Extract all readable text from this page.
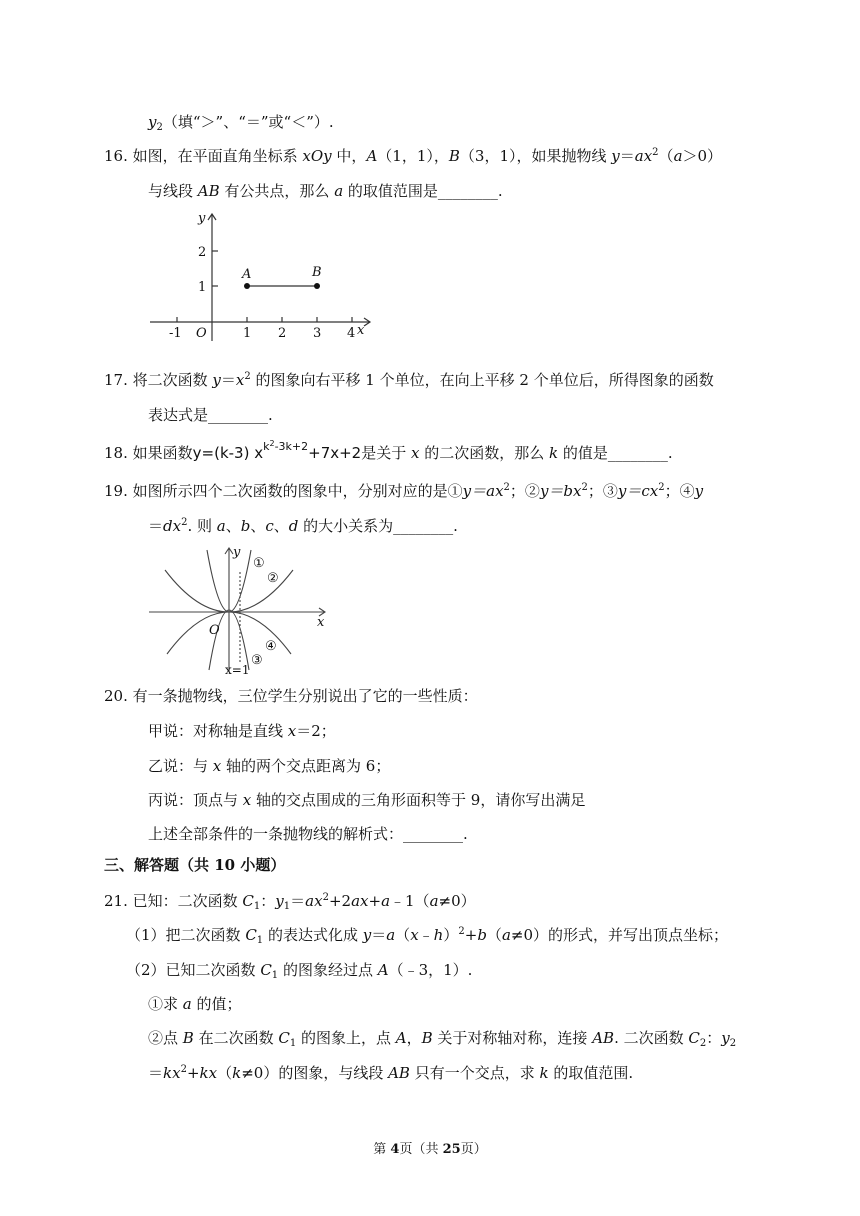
$y_2$（填“＞”、“＝”或“＜”）.
16. 如图，在平面直角坐标系 xOy 中，A（1，1），B（3，1），如果抛物线 $y=ax^2(a>0)$
与线段 AB 有公共点，那么 a 的取值范围是________.
y
x
O
A	B
2
1
-1	1 2 3 4
17. 将二次函数 $y=x^2$ 的图象向右平移 1 个单位，在向上平移 2 个单位后，所得图象的函数
表达式是________.
18. 如果函数y=(k-3) $x^{k^2-3k+2}+7x+2$是关于 x 的二次函数，那么 k 的值是________.
19. 如图所示四个二次函数的图象中，分别对应的是$①y=ax^2$；$②y=bx^2$；$③y=cx^2$；④y
$=dx^2$. 则 a、b、c、d 的大小关系为________.
y
x
O
①
②
③
④
x=1
20. 有一条抛物线，三位学生分别说出了它的一些性质：
甲说：对称轴是直线 x＝2；
乙说：与 x 轴的两个交点距离为 6；
丙说：顶点与 x 轴的交点围成的三角形面积等于 9，请你写出满足
上述全部条件的一条抛物线的解析式：________.
三、解答题（共 10 小题）
21. 已知：二次函数 $C_1$：$y_1=ax^2+2ax+a﹣1(a\ne 0)$
（1）把二次函数 $C_1$ 的表达式化成 y＝a（x﹣h）$^2$+b（a≠0）的形式，并写出顶点坐标；
（2）已知二次函数 $C_1$ 的图象经过点 A（﹣3，1）.
①求 a 的值；
②点 B 在二次函数 $C_1$ 的图象上，点 A，B 关于对称轴对称，连接 AB. 二次函数 $C_2$：$y_2$
$=kx^2+kx(k\ne 0)$的图象，与线段 AB 只有一个交点，求 k 的取值范围.
第 4页（共 25页）
